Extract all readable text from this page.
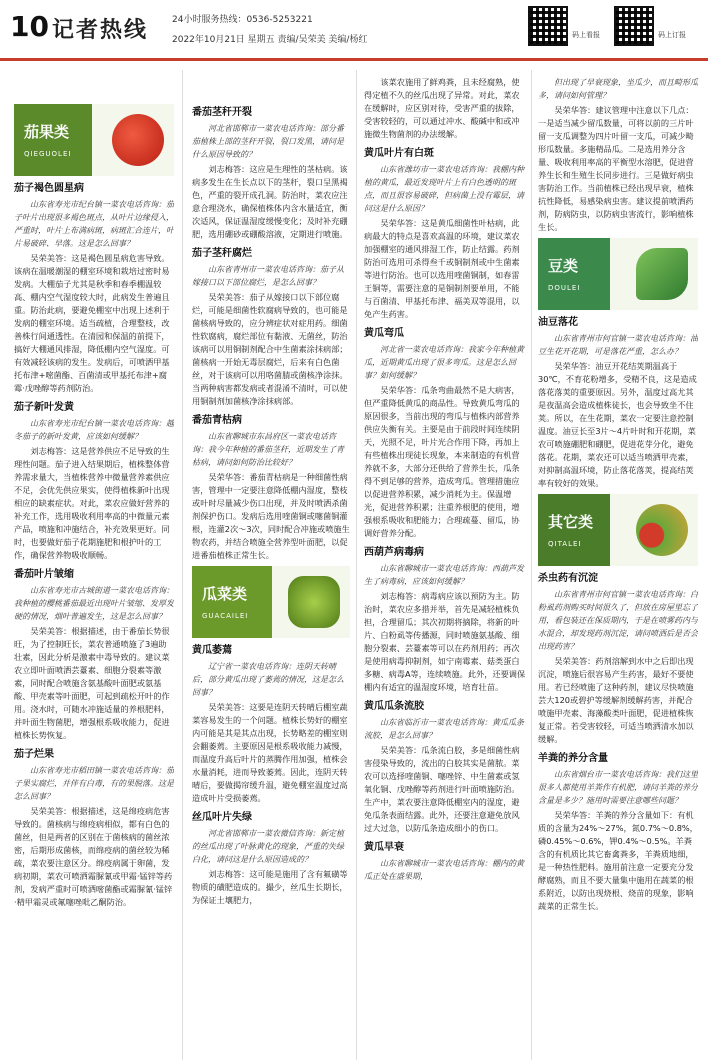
10 记者热线	24小时服务热线：0536-5253221
2022年10月21日 星期五 责编/吴荣美 美编/杨红	码上看报	码上订报
茄果类
QIEGUOLEI
茄子褐色圆星病

山东省寿光市纪台镇一菜农电话咨询：茄子叶片出现很多褐色斑点，从叶片边缘侵入，严重时，叶片上布满病斑，病斑汇合连片，叶片易破碎、早落。这是怎么回事？

吴荣美答：这是褐色圆星病危害导致。该病在温暖潮湿的棚室环境和栽培过密时易发病。大棚茄子尤其是秋季和春季棚温较高、棚内空气湿度较大时，此病发生普遍且重。防治此病，要避免棚室中出现上述利于发病的棚室环境。适当疏植，合理整枝，改善株行间通透性。在清园和保温的前提下，搞好大棚通风排湿，降低棚内空气湿度。可有效减轻该病的发生。发病后，可喷洒甲基托布津+嘧菌酯、百菌清或甲基托布津+腐霉·戊唑醇等药剂防治。

茄子新叶发黄

山东省寿光市纪台镇一菜农电话咨询：越冬茄子的新叶发黄，应该如何缓解？

刘志梅答：这是营养供应不足导致的生理性问题。茄子进入结果期后，植株整体营养需求量大，当植株营养中微量营养素供应不足，会优先供应果实，使得植株新叶出现相应的缺素症状。对此，菜农应做好营养的补充工作，选用吸收利用率高的中微量元素产品，喷施和冲施结合，补充效果更好。同时，也要做好茄子花期施肥和根护叶的工作，确保营养物吸收顺畅。

番茄叶片皱缩

山东省寿光市古城街道一菜农电话咨询：我种植的樱桃番茄最近出现叶片皱缩、发厚发硬的情况，烟叶普遍发生，这是怎么回事？

吴荣美答：根据描述，由于番茄长势很旺，为了控制旺长，菜农普通喷施了3遍助壮素，因此分析是激素中毒导致的。建议菜农立即叶面喷洒芸薹素、细胞分裂素等激素，同时配合喷施含氨基酸叶面肥或氨基酸、甲壳素等叶面肥，可起到疏松开叶的作用。浇水时，可随水冲施适量的养根肥料，并叶面生物菌肥，增强根系吸收能力，促进植株长势恢复。

茄子烂果

山东省寿光市稻田镇一菜农电话咨询：茄子果实腐烂，并伴有白毒，有的果脱落。这是怎么回事？

吴荣美答：根据描述，这是绵疫病危害导致的。菌核病与绵疫病相似，都有白色的菌丝，但是两者的区别在于菌核病的菌丝浓密，后期形成菌核，而绵疫病的菌丝较为稀疏，菜农要注意区分。绵疫病属于卵菌，发病初期，菜农可喷洒霜脲氰或甲霜·锰锌等药剂，发病严重时可喷洒嘧菌酯或霜脲氰·锰锌·精甲霜灵或氟噻唑吡乙酮防治。

番茄茎秆开裂

河北省邯郸市一菜农电话咨询：部分番茄植株上部的茎秆开裂，裂口发黑，请问是什么原因导致的？

刘志梅答：这应是生理性的茎枯病。该病多发生在生长点以下的茎秆，裂口呈黑褐色，严重的裂开成孔洞。防治时，菜农应注意合理浇水，确保植株体内含水量适宜，衡次适风，保证温湿度缓慢变化；及时补充硼肥，选用硼砂或硼酸溶液，定期进行喷施。

茄子茎秆腐烂

山东省青州市一菜农电话咨询：茄子从嫁接口以下部位腐烂，是怎么回事？

吴荣美答：茄子从嫁接口以下部位腐烂，可能是细菌性软腐病导致的，也可能是菌核病导致的，应分辨症状对症用药。细菌性软腐病，腐烂部位有黏液、无菌丝，防治该病可以用铜制剂配合中生菌素涂抹病部；菌核病一开始无毒层腐烂，后来有白色菌丝，对于该病可以用咯菌腈或菌核净涂抹。当两种病害都发病或者混淆不清时，可以使用铜制剂加菌核净涂抹病部。

番茄青枯病

山东省聊城市东昌府区一菜农电话咨询：我今年种植的番茄茎秆，近期发生了青枯病，请问如何防治比较好？

吴荣华答：番茄青枯病是一种细菌性病害，管理中一定要注意降低棚内湿度，整枝或叶时尽量减少伤口出现，并及时喷洒杀菌剂保护伤口。发病后选用喹菌铜或噻菌铜灌根，连灌2次～3次，同时配合冲施或喷施生物农药，并结合喷施全营养型叶面肥，以促进番茄植株正常生长。

瓜菜类
GUACAILEI
黄瓜萎蔫

辽宁省一菜农电话咨询：连阴天转晴后，部分黄瓜出现了萎蔫的情况，这是怎么回事？

吴荣美答：这要是连阴天转晴后棚室蔬菜容易发生的一个问题。植株长势好的棚室内可能是其是其点出现，长势略差的棚室则会翻萎蔫。主要原因是根系吸收能力减慢，而温度升高后叶片的蒸腾作用加强，植株会水量消耗，进而导致萎蔫。因此，连阴天转晴后，要做揭帘缓升温，避免棚室温度过高造成叶片受损萎蔫。

丝瓜叶片失绿

河北省邯郸市一菜农微信咨询：新定植的丝瓜出现了叶脉黄化的现象，严重的失绿白化，请问这是什么原因造成的？

刘志梅答：这可能是施用了含有氟磺等物质的磺肥造成的。撮少，丝瓜生长期长，为保证土壤肥力，

该菜农施用了鲜鸡粪，且未经腐熟，使得定植不久的丝瓜出现了异常。对此，菜农在缓解时，应区别对待，受害严重的拔除，受害较轻的，可以通过冲水、酸碱中和或冲施微生物菌剂的办法缓解。

黄瓜叶片有白斑

山东省潍坊市一菜农电话咨询：我棚内种植的黄瓜，最近发现叶片上有白色透明的斑点，而且很容易破碎，但病菌上没有霉层，请问这是什么原因？

吴荣华答：这是黄瓜细菌性叶枯病，此病最大的特点是喜欢高温的环境，建议菜农加强棚室的通风排湿工作，防止结露。药剂防治可选用可杀得叁千或铜制剂或中生菌素等进行防治。也可以选用喹菌铜制，如春雷王铜等，需要注意的是铜制剂要单用，不能与百菌清、甲基托布津、福美双等混用，以免产生药害。

黄瓜弯瓜

河北省一菜农电话咨询：我家今年种植黄瓜，近期黄瓜出现了很多弯瓜。这是怎么回事？如何缓解？

吴荣华答：瓜条弯曲最然不是大病害，但严重降低黄瓜的商品性。导致黄瓜弯瓜的原因很多，当前出现的弯瓜与植株内部营养供应失衡有关。主要是由于前段时间连续阴天，光照不足，叶片光合作用下降，再加上有些植株出现徒长现象，本来制造的有机营养就不多，大部分还供给了营养生长，瓜条得不到足够的营养，造成弯瓜。管理措施应以促进营养积累，减少消耗为主。保温增光，促进营养积累；注重养根肥的使用，增强根系吸收和肥能力；合理疏蔓、留瓜，协调好营养分配。

西葫芦病毒病

山东省聊城市一菜农电话咨询：西葫芦发生了病毒病，应该如何缓解？

刘志梅答：病毒病应该以预防为主。防治时，菜农应多措并举，首先是减轻植株负担，合理留瓜；其次初期将摘除，将新的叶片、白粉虱等传播源，同时喷施氨基酸、细胞分裂素、芸薹素等可以在药剂用药；再次是使用病毒抑制剂，如宁南霉素、菇类蛋白多糖、病毒A等，连续喷施。此外，还要调保棚内有适宜的温湿度环境，培育壮苗。

黄瓜瓜条流胶

山东省临沂市一菜农电话咨询：黄瓜瓜条流胶，是怎么回事？

吴荣美答：瓜条流白胶，多是细菌性病害侵染导致的，流出的白胶其实是菌脓。菜农可以选择喹菌铜、噻唑锌、中生菌素或氢氧化铜、戊唑醇等药剂进行叶面喷施防治。生产中，菜农要注意降低棚室内的湿度，避免瓜条表面结露。此外，还要注意避免放风过大过急，以防瓜条造成细小的伤口。

黄瓜早衰

山东省聊城市一菜农电话咨询：棚内的黄瓜正处在盛果期，

但出现了早衰现象，坐瓜少，而且畸形瓜多，请问如何管理？

吴荣华答：建议管理中注意以下几点：一是适当减少留瓜数量，可将以前的三片叶留一支瓜调整为四片叶留一支瓜，可减少畸形瓜数量。多施精品瓜。二是选用养分含量、吸收利用率高的平衡型水溶肥，促进营养生长和生殖生长同步进行。三是做好病虫害防治工作。当前植株已经出现早衰，植株抗性降低，易感染病虫害。建议提前喷洒药剂，防病防虫，以防病虫害流行，影响植株生长。

豆类
DOULEI
油豆落花

山东省青州市何官镇一菜农电话咨询：油豆生花开花期，可是落花严重，怎么办？

吴荣华答：油豆开花结荚期温高于30℃，不育花粉增多，受精不良，这是造成落花落荚的重要原因。另外，温度过高尤其是夜温高会造成植株徒长，也会导致坐不住荚。所以，在生花期，菜农一定要注意控制温度。油豆长至3片～4片叶时和开花期，菜农可喷施硼肥和硼肥，促进花芽分化，避免落花。花期，菜农还可以适当喷洒甲壳素，对抑制高温环境，防止落花落荚，提高结荚率有较好的效果。

其它类
QITALEI
杀虫药有沉淀

山东省青州市何官镇一菜农电话咨询：白粉虱药剂购买时间很久了，但放在房屋里忘了用，看包装还在保质期内，于是在喷雾药内与水混合，却发现药剂沉淀，请问喷洒后是否会出现药害？

吴荣美答：药剂溶解到水中之后即出现沉淀，喷施后很容易产生药害，最好不要使用。若已经喷施了这种药剂，建议尽快喷施芸大120或碧护等缓解剂缓解药害，并配合喷施甲壳素、海藻酸类叶面肥，促进植株恢复正常。若受害较轻，可适当喷洒清水加以缓解。

羊粪的养分含量

山东省烟台市一菜农电话咨询：我们这里很多人都使用羊粪作有机肥，请问羊粪的养分含量是多少？施用时需要注意哪些问题？

吴荣华答：羊粪的养分含量如下：有机质的含量为24%～27%，氮0.7%～0.8%，磷0.45%～0.6%，钾0.4%～0.5%。羊粪含的有机质比其它畜禽粪多，羊粪质地细，是一种热性肥料。施用前注意一定要充分发酵腐熟，而且不要大量集中施用在蔬菜的根系附近，以防出现烧根、烧苗的现象，影响蔬菜的正常生长。
